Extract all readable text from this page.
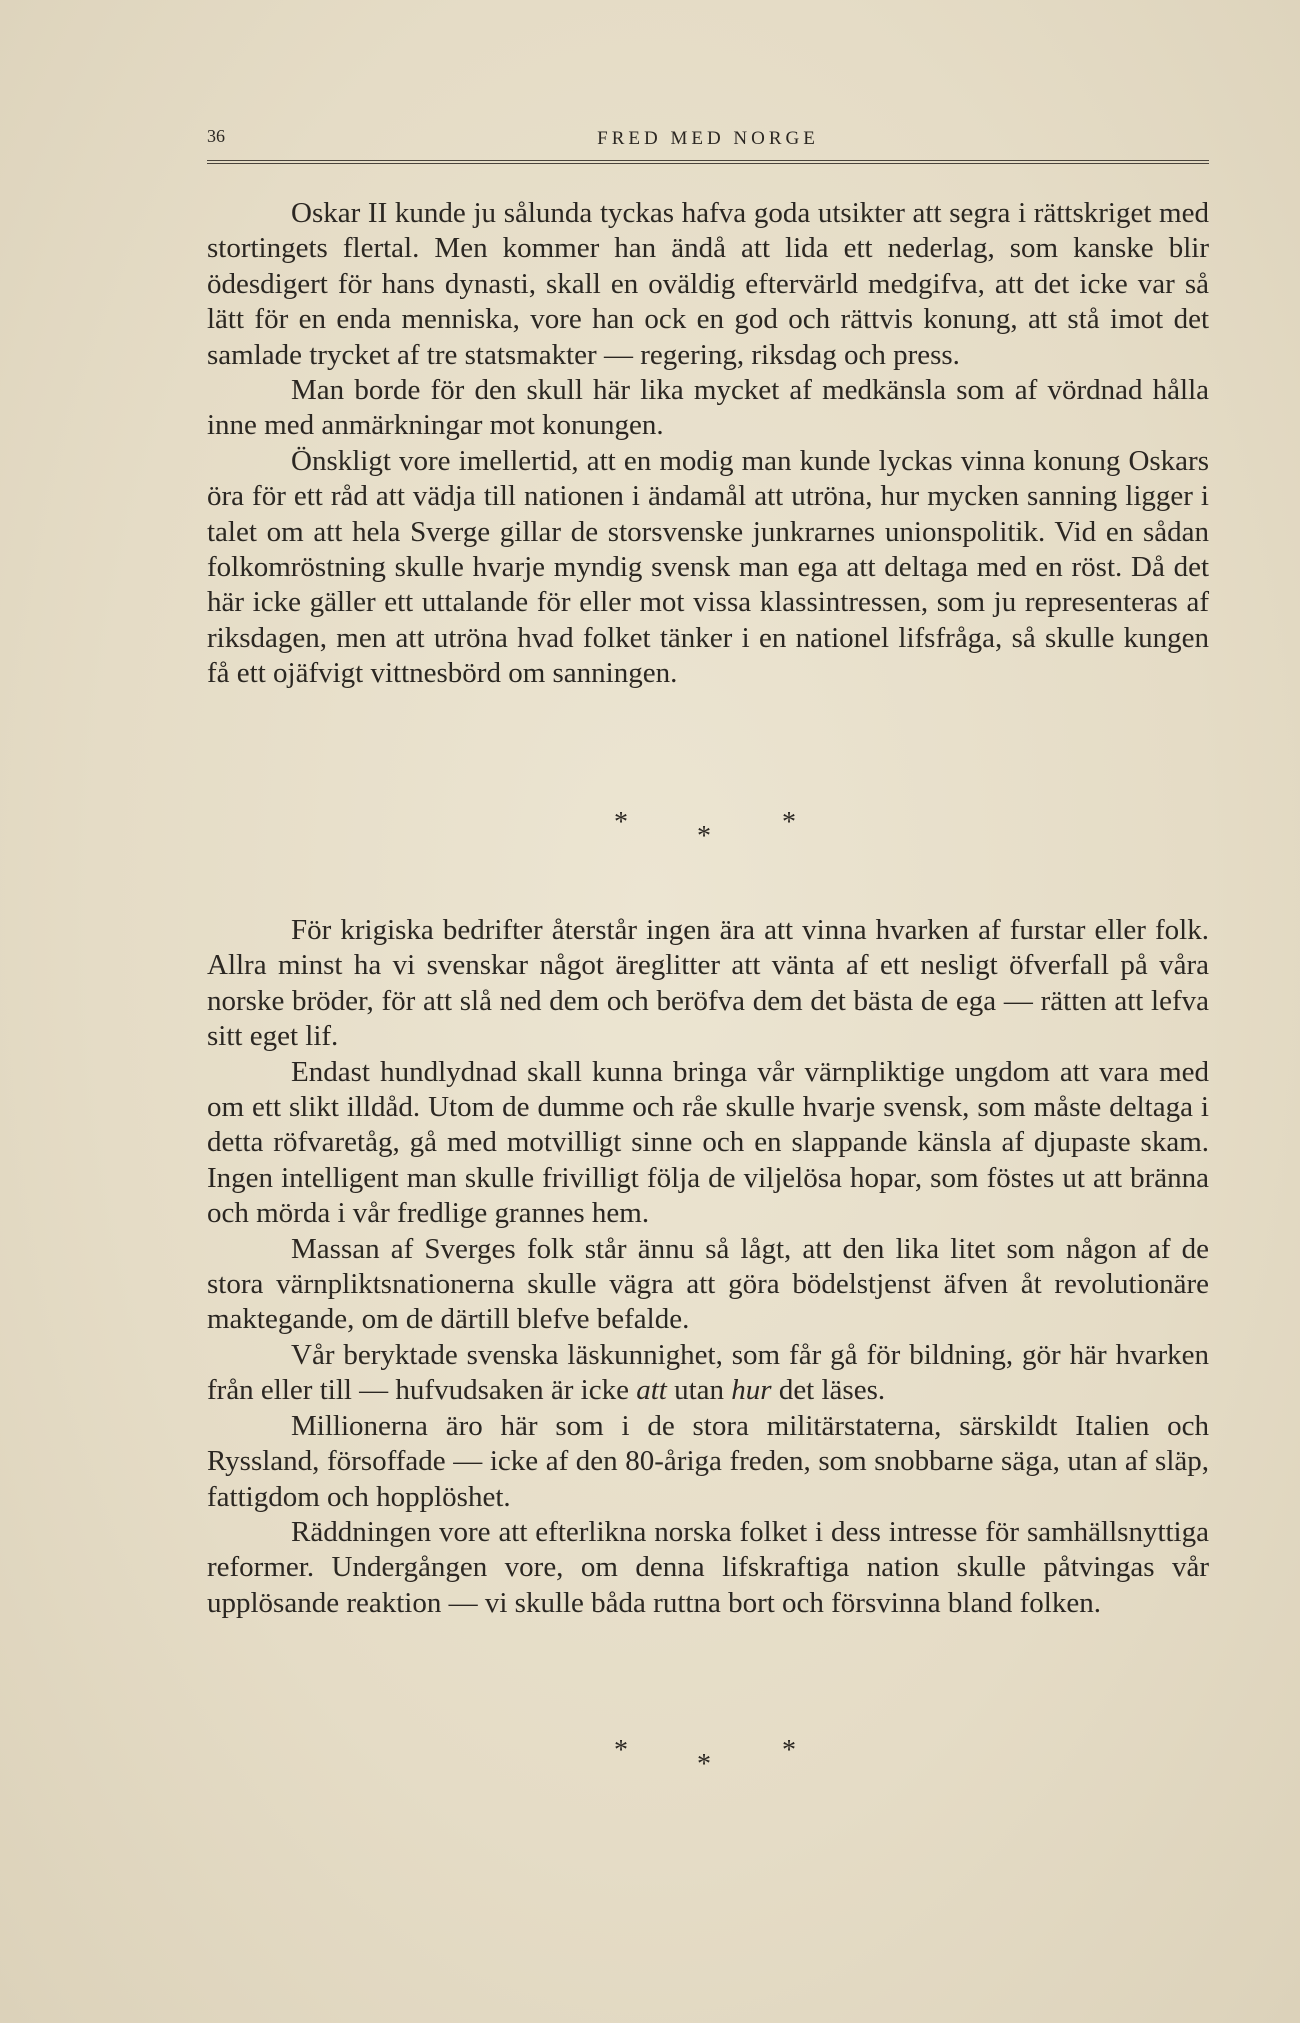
36	FRED MED NORGE

Oskar II kunde ju sålunda tyckas hafva goda utsikter att segra i rättskriget med stortingets flertal. Men kommer han ändå att lida ett nederlag, som kanske blir ödesdigert för hans dynasti, skall en oväldig eftervärld medgifva, att det icke var så lätt för en enda menniska, vore han ock en god och rättvis konung, att stå imot det samlade trycket af tre statsmakter — regering, riksdag och press.

Man borde för den skull här lika mycket af medkänsla som af vördnad hålla inne med anmärkningar mot konungen.

Önskligt vore imellertid, att en modig man kunde lyckas vinna konung Oskars öra för ett råd att vädja till nationen i ändamål att utröna, hur mycken sanning ligger i talet om att hela Sverge gillar de storsvenske junkrarnes unionspolitik. Vid en sådan folkomröstning skulle hvarje myndig svensk man ega att deltaga med en röst. Då det här icke gäller ett uttalande för eller mot vissa klassintressen, som ju representeras af riksdagen, men att utröna hvad folket tänker i en nationel lifsfråga, så skulle kungen få ett ojäfvigt vittnesbörd om sanningen.

* *	*

För krigiska bedrifter återstår ingen ära att vinna hvarken af furstar eller folk. Allra minst ha vi svenskar något äreglitter att vänta af ett nesligt öfverfall på våra norske bröder, för att slå ned dem och beröfva dem det bästa de ega — rätten att lefva sitt eget lif.

Endast hundlydnad skall kunna bringa vår värnpliktige ungdom att vara med om ett slikt illdåd. Utom de dumme och råe skulle hvarje svensk, som måste deltaga i detta röfvaretåg, gå med motvilligt sinne och en slappande känsla af djupaste skam. Ingen intelligent man skulle frivilligt följa de viljelösa hopar, som föstes ut att bränna och mörda i vår fredlige grannes hem.

Massan af Sverges folk står ännu så lågt, att den lika litet som någon af de stora värnpliktsnationerna skulle vägra att göra bödelstjenst äfven åt revolutionäre maktegande, om de därtill blefve befalde.

Vår beryktade svenska läskunnighet, som får gå för bildning, gör här hvarken från eller till — hufvudsaken är icke att utan hur det läses.

Millionerna äro här som i de stora militärstaterna, särskildt Italien och Ryssland, försoffade — icke af den 80-åriga freden, som snobbarne säga, utan af släp, fattigdom och hopplöshet.

Räddningen vore att efterlikna norska folket i dess intresse för samhällsnyttiga reformer. Undergången vore, om denna lifskraftiga nation skulle påtvingas vår upplösande reaktion — vi skulle båda ruttna bort och försvinna bland folken.

* *	*
